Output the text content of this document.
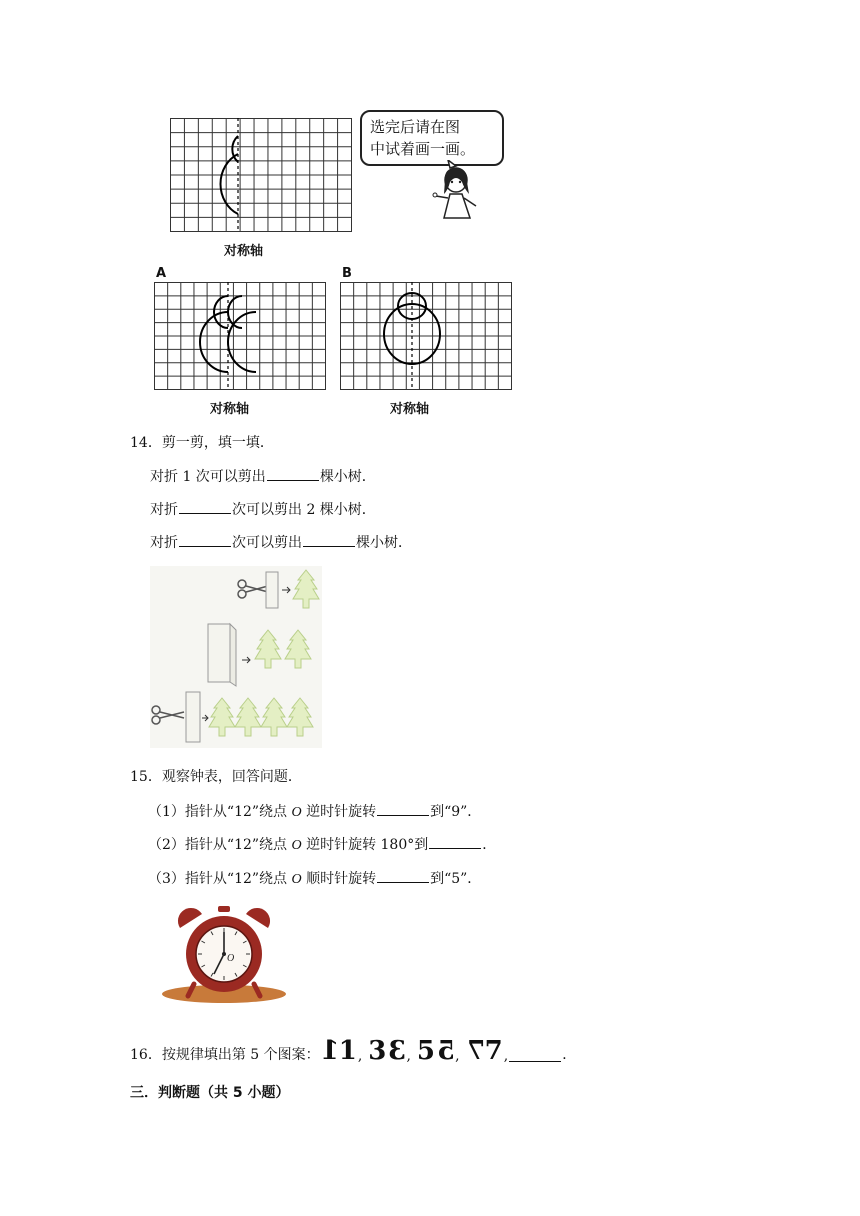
对称轴
选完后请在图
中试着画一画。
A
对称轴
B
对称轴
14．剪一剪，填一填．
对折 1 次可以剪出	棵小树．
对折	次可以剪出 2 棵小树．
对折	次可以剪出	棵小树．
15．观察钟表，回答问题．
（1）指针从“12”绕点 O 逆时针旋转	到“9”．
（2）指针从“12”绕点 O 逆时针旋转 180°到	．
（3）指针从“12”绕点 O 顺时针旋转	到“5”．
O
16．按规律填出第 5 个图案： 11 , 33 , 55 , 77 ,	．
三．判断题（共 5 小题）
